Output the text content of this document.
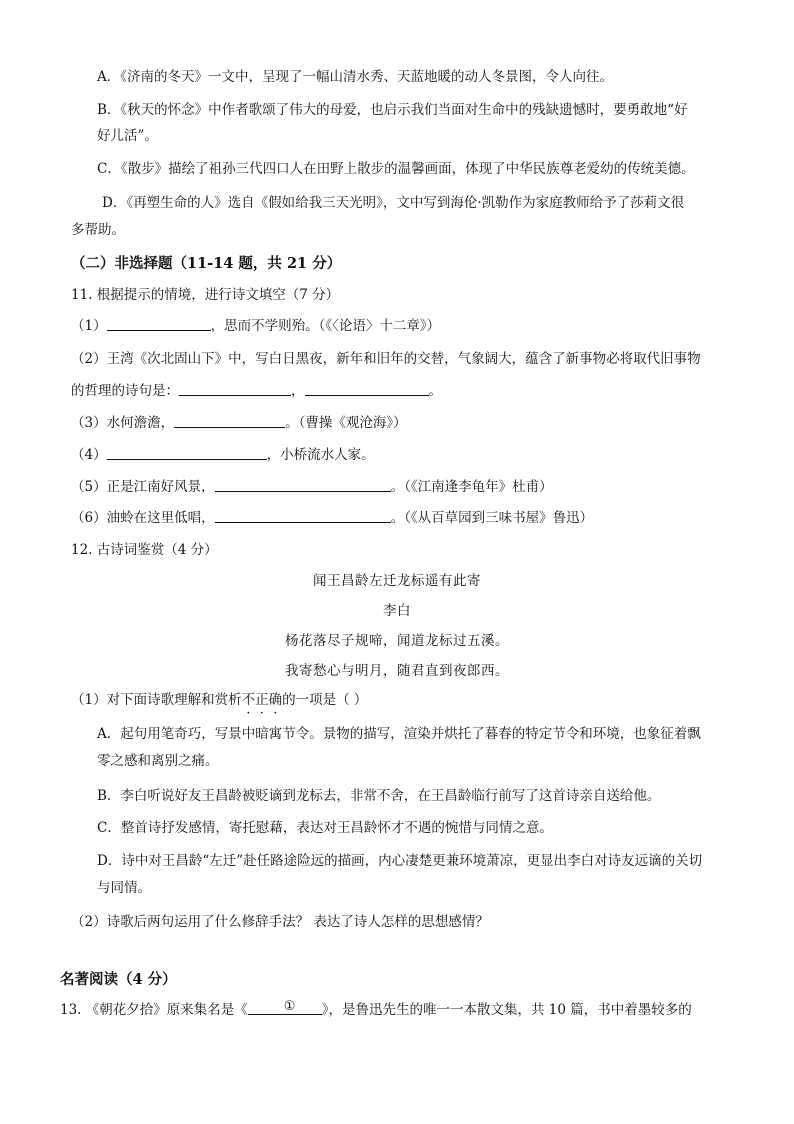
A．《济南的冬天》一文中，呈现了一幅山清水秀、天蓝地暖的动人冬景图，令人向往。
B．《秋天的怀念》中作者歌颂了伟大的母爱，也启示我们当面对生命中的残缺遗憾时，要勇敢地“好
好儿活”。
C．《散步》描绘了祖孙三代四口人在田野上散步的温馨画面，体现了中华民族尊老爱幼的传统美德。
D．《再塑生命的人》选自《假如给我三天光明》，文中写到海伦·凯勒作为家庭教师给予了莎莉文很
多帮助。
（二）非选择题（11-14 题，共 21 分）
11. 根据提示的情境，进行诗文填空（7 分）
（1）	，思而不学则殆。（《〈论语〉十二章》）
（2）王湾《次北固山下》中，写白日黑夜，新年和旧年的交替，气象阔大，蕴含了新事物必将取代旧事物
的哲理的诗句是：	，	。
（3）水何澹澹，	。（曹操《观沧海》）
（4）	，小桥流水人家。
（5）正是江南好风景，	。（《江南逢李龟年》杜甫）
（6）油蛉在这里低唱，	。（《从百草园到三味书屋》鲁迅）
12. 古诗词鉴赏（4 分）
闻王昌龄左迁龙标遥有此寄
李白
杨花落尽子规啼，闻道龙标过五溪。
我寄愁心与明月，随君直到夜郎西。
（1）对下面诗歌理解和赏析不正确的一项是（ ）
A．起句用笔奇巧，写景中暗寓节令。景物的描写，渲染并烘托了暮春的特定节令和环境，也象征着飘
零之感和离别之痛。
B．李白听说好友王昌龄被贬谪到龙标去，非常不舍，在王昌龄临行前写了这首诗亲自送给他。
C．整首诗抒发感情，寄托慰藉，表达对王昌龄怀才不遇的惋惜与同情之意。
D．诗中对王昌龄“左迁”赴任路途险远的描画，内心凄楚更兼环境萧凉，更显出李白对诗友远谪的关切
与同情。
（2）诗歌后两句运用了什么修辞手法？ 表达了诗人怎样的思想感情？
名著阅读（4 分）
13. 《朝花夕拾》原来集名是《	① 》，是鲁迅先生的唯一一本散文集，共 10 篇，书中着墨较多的
